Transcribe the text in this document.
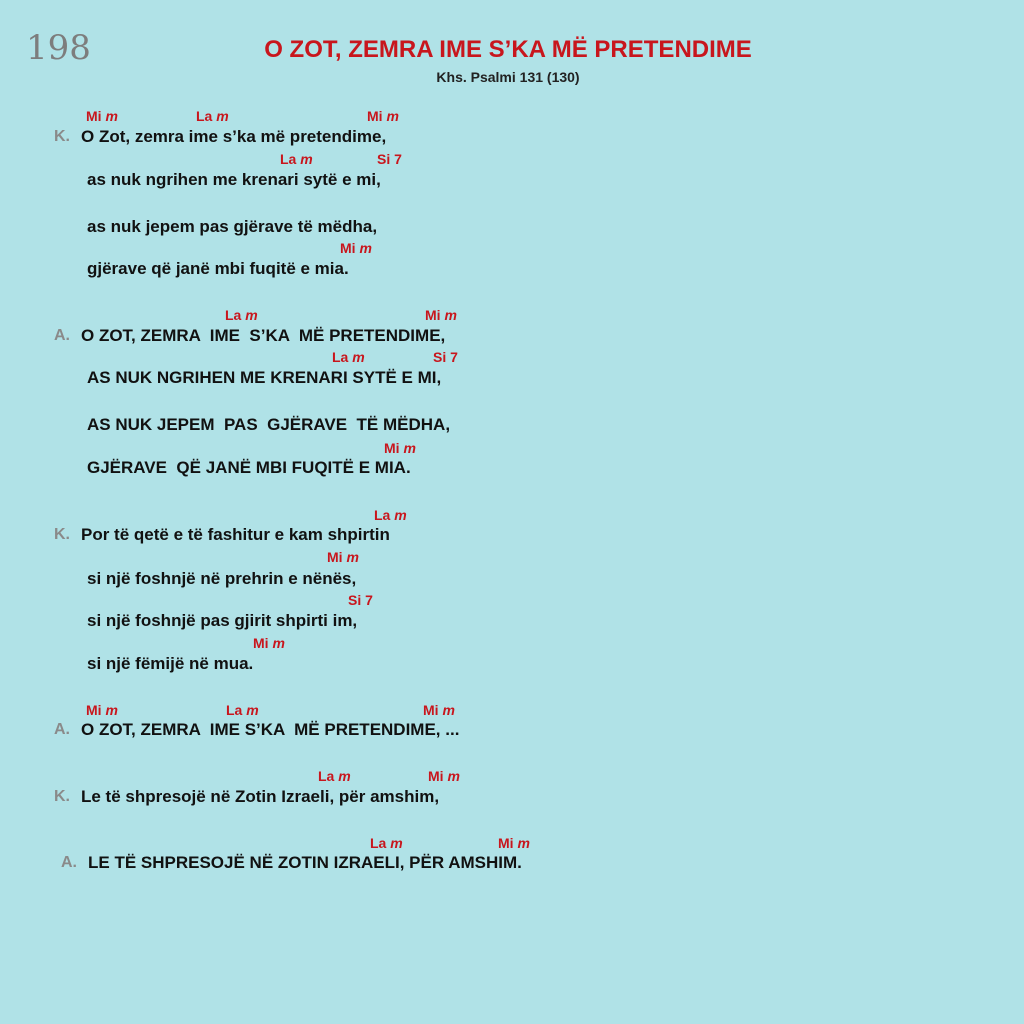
198	O ZOT, ZEMRA IME S’KA MË PRETENDIME
Khs. Psalmi 131 (130)
Mi m	La m	Mi m
K. O Zot, zemra ime s’ka më pretendime,
La m	Si 7
as nuk ngrihen me krenari sytë e mi,
as nuk jepem pas gjërave të mëdha,
Mi m
gjërave që janë mbi fuqitë e mia.
La m	Mi m
A. O ZOT, ZEMRA  IME  S’KA  MË PRETENDIME,
La m	Si 7
AS NUK NGRIHEN ME KRENARI SYTË E MI,
AS NUK JEPEM  PAS  GJËRAVE  TË MËDHA,
Mi m
GJËRAVE  QË JANË MBI FUQITË E MIA.
La m
K. Por të qetë e të fashitur e kam shpirtin
Mi m
si një foshnjë në prehrin e nënës,
Si 7
si një foshnjë pas gjirit shpirti im,
Mi m
si një fëmijë në mua.
Mi m	La m	Mi m
A. O ZOT, ZEMRA  IME S’KA  MË PRETENDIME, ...
La m	Mi m
K. Le të shpresojë në Zotin Izraeli, për amshim,
La m	Mi m
A. LE TË SHPRESOJË NË ZOTIN IZRAELI, PËR AMSHIM.
